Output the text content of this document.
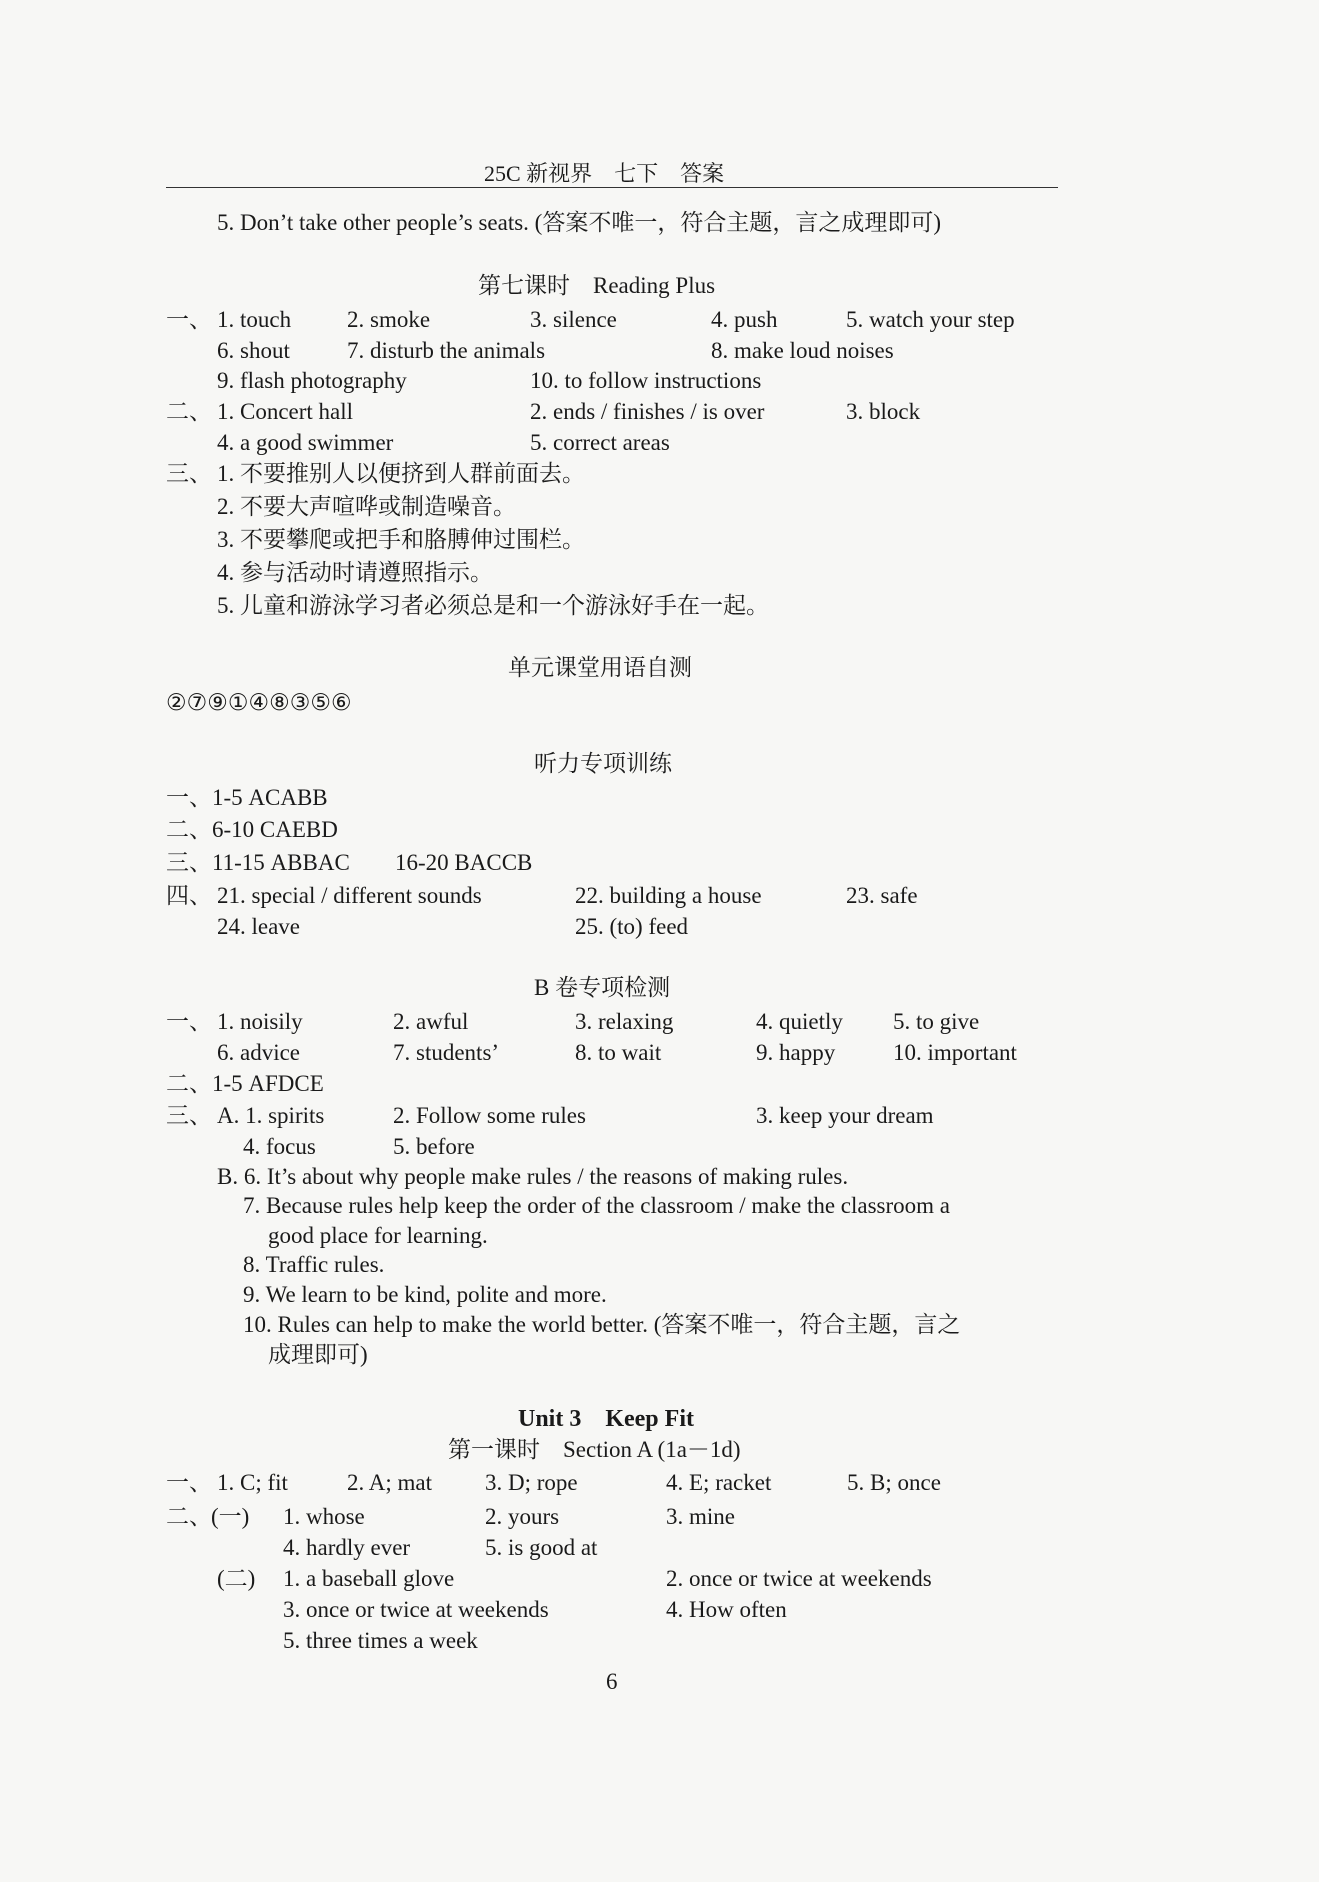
25C 新视界　七下　答案
5. Don’t take other people’s seats. (答案不唯一，符合主题，言之成理即可)
第七课时　Reading Plus
一、 1. touch 2. smoke	3. silence	4. push	5. watch your step
6. shout 7. disturb the animals	8. make loud noises
9. flash photography	10. to follow instructions
二、 1. Concert hall	2. ends / finishes / is over	3. block
4. a good swimmer	5. correct areas
三、 1. 不要推别人以便挤到人群前面去。
2. 不要大声喧哗或制造噪音。
3. 不要攀爬或把手和胳膊伸过围栏。
4. 参与活动时请遵照指示。
5. 儿童和游泳学习者必须总是和一个游泳好手在一起。
单元课堂用语自测
②⑦⑨①④⑧③⑤⑥
听力专项训练
一、1-5 ACABB
二、6-10 CAEBD
三、11-15 ABBAC 16-20 BACCB
四、 21. special / different sounds	22. building a house	23. safe
24. leave	25. (to) feed
B 卷专项检测
一、 1. noisily	2. awful	3. relaxing	4. quietly 5. to give
6. advice	7. students’	8. to wait	9. happy	10. important
二、1-5 AFDCE
三、 A. 1. spirits	2. Follow some rules	3. keep your dream
4. focus	5. before
B. 6. It’s about why people make rules / the reasons of making rules.
7. Because rules help keep the order of the classroom / make the classroom a
good place for learning.
8. Traffic rules.
9. We learn to be kind, polite and more.
10. Rules can help to make the world better. (答案不唯一，符合主题，言之
成理即可)
Unit 3　Keep Fit
第一课时　Section A (1a－1d)
一、 1. C; fit	2. A; mat 3. D; rope	4. E; racket	5. B; once
二、 (一) 1. whose	2. yours	3. mine
4. hardly ever	5. is good at
(二) 1. a baseball glove	2. once or twice at weekends
3. once or twice at weekends	4. How often
5. three times a week
6
